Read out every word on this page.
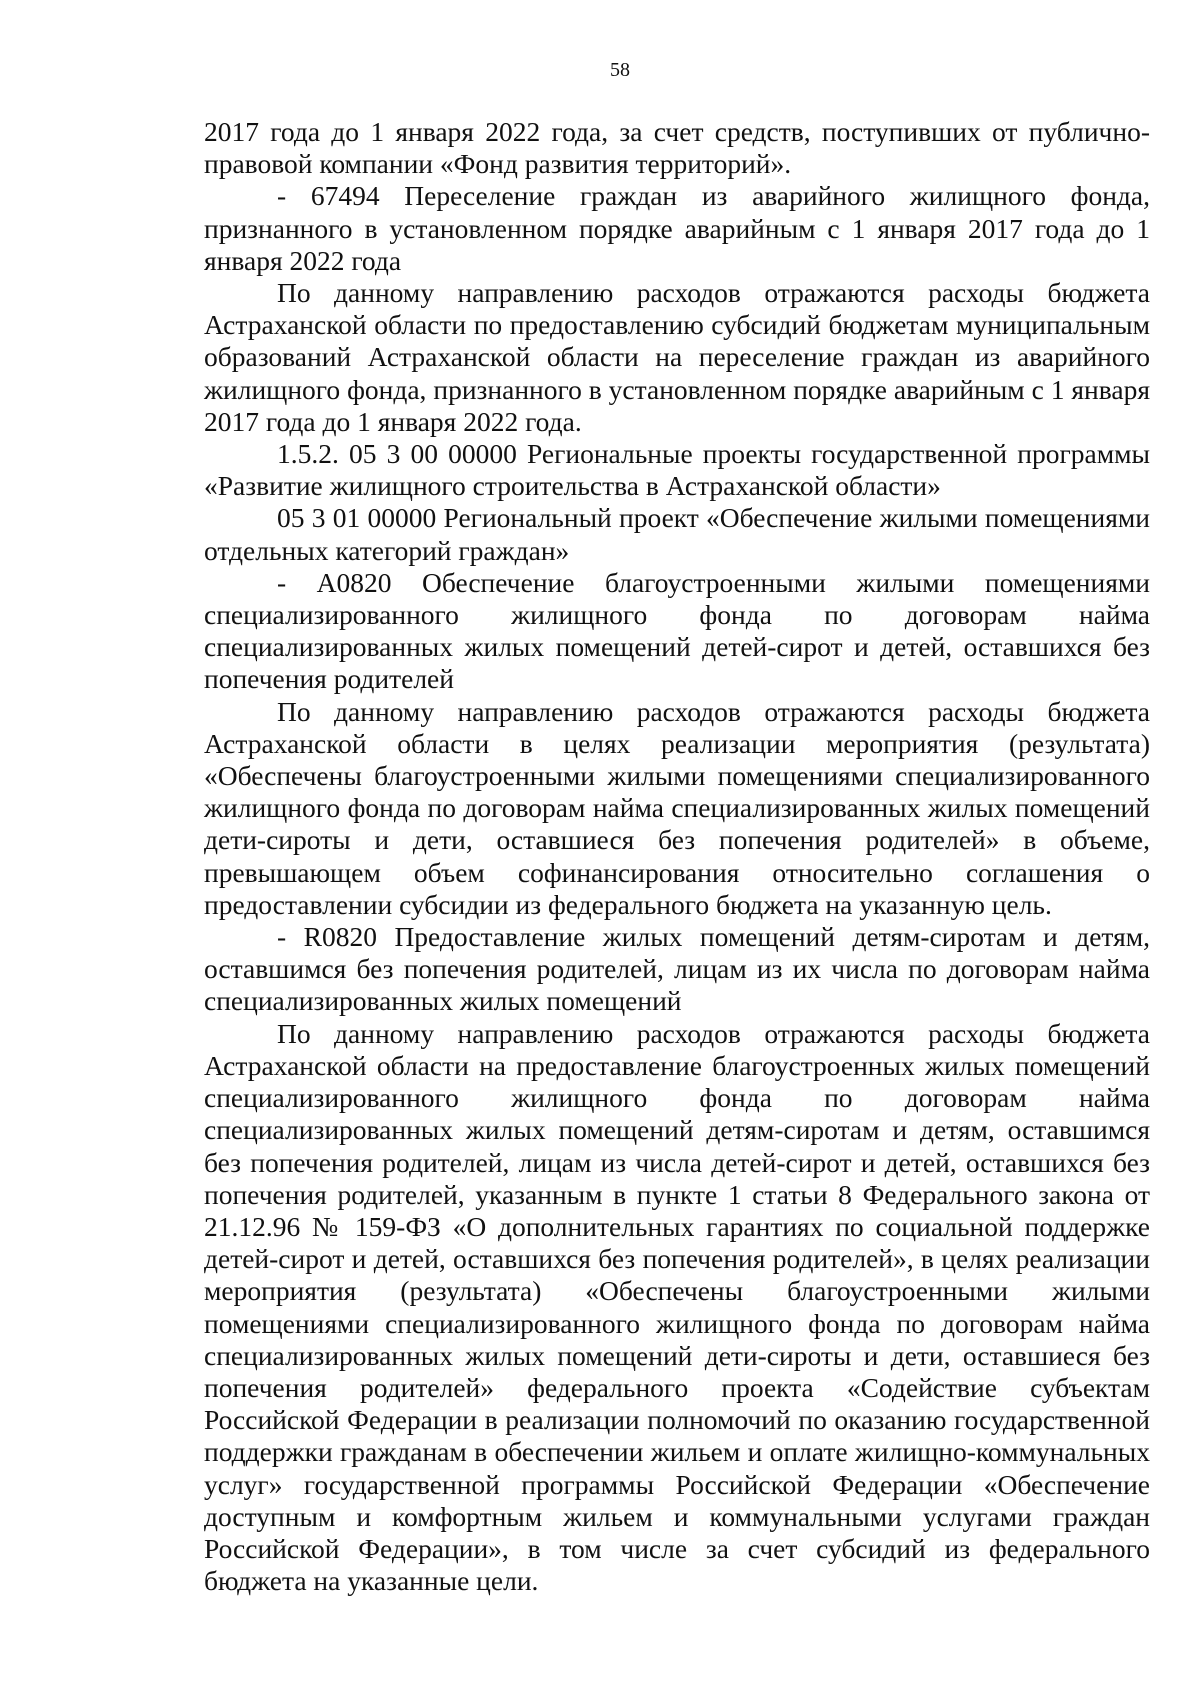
58

2017 года до 1 января 2022 года, за счет средств, поступивших от публично-правовой компании «Фонд развития территорий».

- 67494 Переселение граждан из аварийного жилищного фонда, признанного в установленном порядке аварийным с 1 января 2017 года до 1 января 2022 года

По данному направлению расходов отражаются расходы бюджета Астраханской области по предоставлению субсидий бюджетам муниципальным образований Астраханской области на переселение граждан из аварийного жилищного фонда, признанного в установленном порядке аварийным с 1 января 2017 года до 1 января 2022 года.

1.5.2. 05 3 00 00000 Региональные проекты государственной программы «Развитие жилищного строительства в Астраханской области»

05 3 01 00000 Региональный проект «Обеспечение жилыми помещениями отдельных категорий граждан»

- А0820 Обеспечение благоустроенными жилыми помещениями специализированного жилищного фонда по договорам найма специализированных жилых помещений детей-сирот и детей, оставшихся без попечения родителей

По данному направлению расходов отражаются расходы бюджета Астраханской области в целях реализации мероприятия (результата) «Обеспечены благоустроенными жилыми помещениями специализированного жилищного фонда по договорам найма специализированных жилых помещений дети-сироты и дети, оставшиеся без попечения родителей» в объеме, превышающем объем софинансирования относительно соглашения о предоставлении субсидии из федерального бюджета на указанную цель.

- R0820 Предоставление жилых помещений детям-сиротам и детям, оставшимся без попечения родителей, лицам из их числа по договорам найма специализированных жилых помещений

По данному направлению расходов отражаются расходы бюджета Астраханской области на предоставление благоустроенных жилых помещений специализированного жилищного фонда по договорам найма специализированных жилых помещений детям-сиротам и детям, оставшимся без попечения родителей, лицам из числа детей-сирот и детей, оставшихся без попечения родителей, указанным в пункте 1 статьи 8 Федерального закона от 21.12.96 № 159-ФЗ «О дополнительных гарантиях по социальной поддержке детей-сирот и детей, оставшихся без попечения родителей», в целях реализации мероприятия (результата) «Обеспечены благоустроенными жилыми помещениями специализированного жилищного фонда по договорам найма специализированных жилых помещений дети-сироты и дети, оставшиеся без попечения родителей» федерального проекта «Содействие субъектам Российской Федерации в реализации полномочий по оказанию государственной поддержки гражданам в обеспечении жильем и оплате жилищно-коммунальных услуг» государственной программы Российской Федерации «Обеспечение доступным и комфортным жильем и коммунальными услугами граждан Российской Федерации», в том числе за счет субсидий из федерального бюджета на указанные цели.
